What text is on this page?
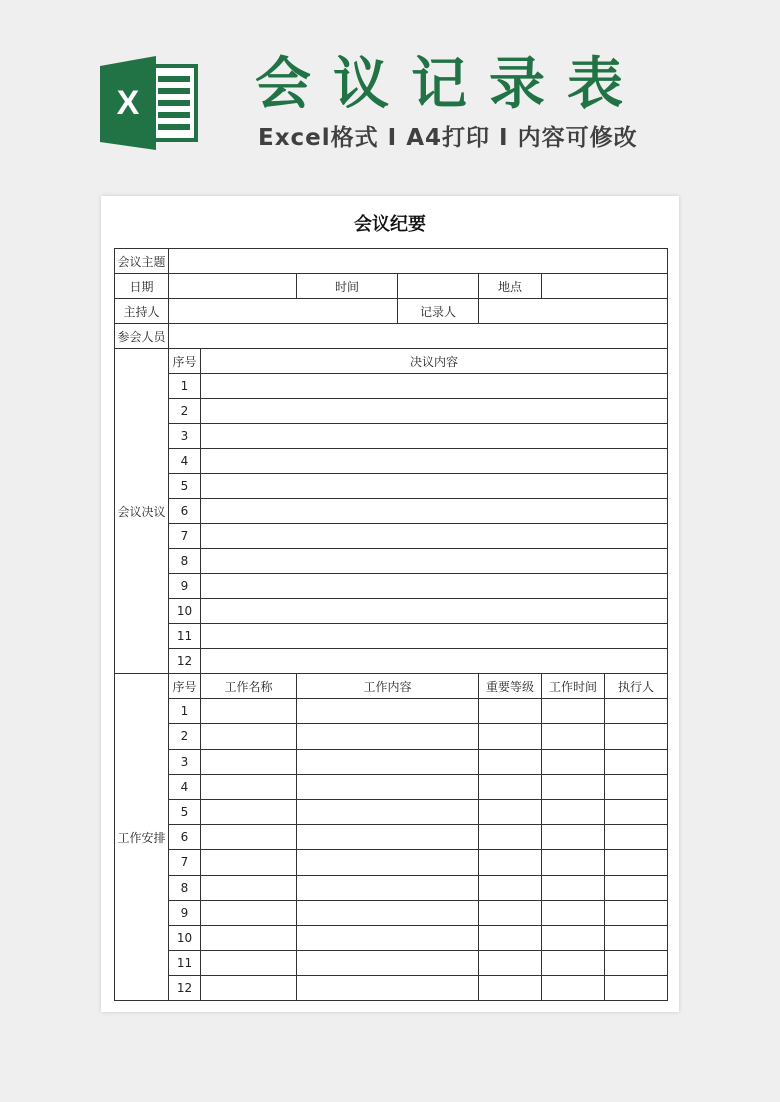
X 会议记录表
Excel格式 I A4打印 I 内容可修改
会议纪要
会议主题							
日期			时间		地点		
主持人				记录人			
参会人员							
会议决议	序号	决议内容					
	1						
	2						
	3						
	4						
	5						
	6						
	7						
	8						
	9						
	10						
	11						
	12						
工作安排	序号	工作名称	工作内容		重要等级	工作时间	执行人
	1						
	2						
	3						
	4						
	5						
	6						
	7						
	8						
	9						
	10						
	11						
	12						
